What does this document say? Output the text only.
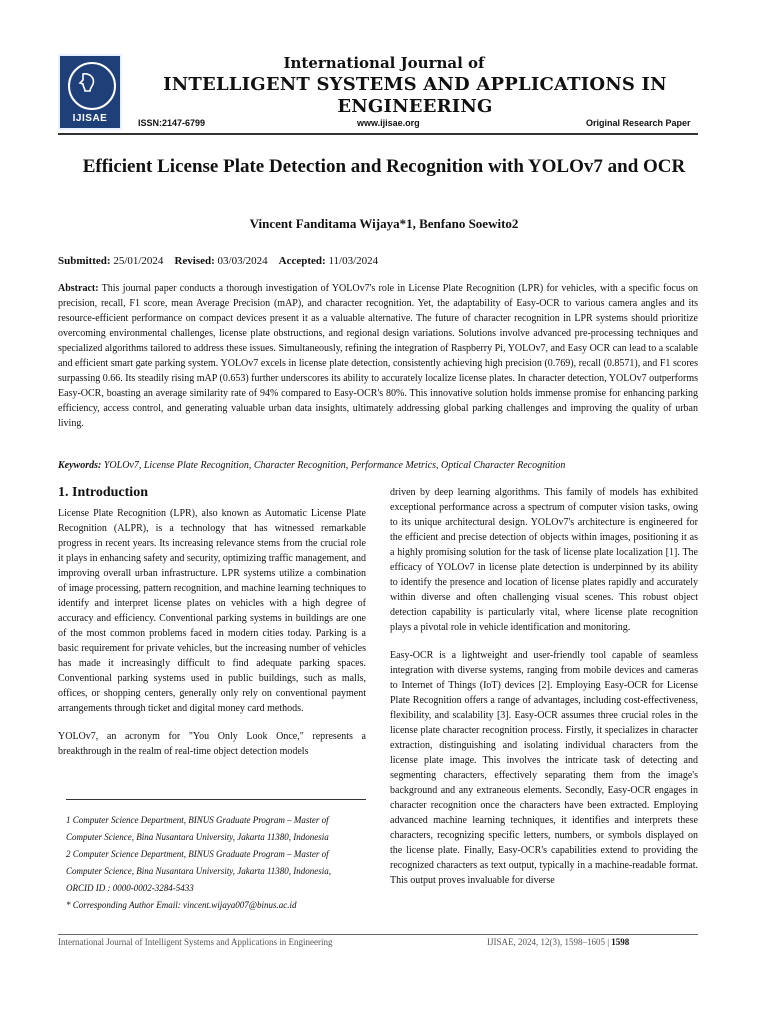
IJISAE
International Journal of
INTELLIGENT SYSTEMS AND APPLICATIONS IN ENGINEERING
ISSN:2147-6799	www.ijisae.org	Original Research Paper
Efficient License Plate Detection and Recognition with YOLOv7 and OCR
Vincent Fanditama Wijaya*1, Benfano Soewito2
Submitted: 25/01/2024 Revised: 03/03/2024 Accepted: 11/03/2024
Abstract: This journal paper conducts a thorough investigation of YOLOv7's role in License Plate Recognition (LPR) for vehicles, with a specific focus on precision, recall, F1 score, mean Average Precision (mAP), and character recognition. Yet, the adaptability of Easy-OCR to various camera angles and its resource-efficient performance on compact devices present it as a valuable alternative. The future of character recognition in LPR systems should prioritize overcoming environmental challenges, license plate obstructions, and regional design variations. Solutions involve advanced pre-processing techniques and specialized algorithms tailored to address these issues. Simultaneously, refining the integration of Raspberry Pi, YOLOv7, and Easy OCR can lead to a scalable and efficient smart gate parking system. YOLOv7 excels in license plate detection, consistently achieving high precision (0.769), recall (0.8571), and F1 scores surpassing 0.66. Its steadily rising mAP (0.653) further underscores its ability to accurately localize license plates. In character detection, YOLOv7 outperforms Easy-OCR, boasting an average similarity rate of 94% compared to Easy-OCR's 80%. This innovative solution holds immense promise for enhancing parking efficiency, access control, and generating valuable urban data insights, ultimately addressing global parking challenges and improving the quality of urban living.
Keywords: YOLOv7, License Plate Recognition, Character Recognition, Performance Metrics, Optical Character Recognition
1. Introduction

License Plate Recognition (LPR), also known as Automatic License Plate Recognition (ALPR), is a technology that has witnessed remarkable progress in recent years. Its increasing relevance stems from the crucial role it plays in enhancing safety and security, optimizing traffic management, and improving overall urban infrastructure. LPR systems utilize a combination of image processing, pattern recognition, and machine learning techniques to identify and interpret license plates on vehicles with a high degree of accuracy and efficiency. Conventional parking systems in buildings are one of the most common problems faced in modern cities today. Parking is a basic requirement for private vehicles, but the increasing number of vehicles has made it increasingly difficult to find adequate parking spaces. Conventional parking systems used in public buildings, such as malls, offices, or shopping centers, generally only rely on conventional payment arrangements through ticket and digital money card methods.

YOLOv7, an acronym for "You Only Look Once," represents a breakthrough in the realm of real-time object detection models

driven by deep learning algorithms. This family of models has exhibited exceptional performance across a spectrum of computer vision tasks, owing to its unique architectural design. YOLOv7's architecture is engineered for the efficient and precise detection of objects within images, positioning it as a highly promising solution for the task of license plate localization [1]. The efficacy of YOLOv7 in license plate detection is underpinned by its ability to identify the presence and location of license plates rapidly and accurately within diverse and often challenging visual scenes. This robust object detection capability is particularly vital, where license plate recognition plays a pivotal role in vehicle identification and monitoring.

Easy-OCR is a lightweight and user-friendly tool capable of seamless integration with diverse systems, ranging from mobile devices and cameras to Internet of Things (IoT) devices [2]. Employing Easy-OCR for License Plate Recognition offers a range of advantages, including cost-effectiveness, flexibility, and scalability [3]. Easy-OCR assumes three crucial roles in the license plate character recognition process. Firstly, it specializes in character extraction, distinguishing and isolating individual characters from the license plate image. This involves the intricate task of detecting and segmenting characters, effectively separating them from the image's background and any extraneous elements. Secondly, Easy-OCR engages in character recognition once the characters have been extracted. Employing advanced machine learning techniques, it identifies and interprets these characters, recognizing specific letters, numbers, or symbols displayed on the license plate. Finally, Easy-OCR's capabilities extend to providing the recognized characters as text output, typically in a machine-readable format. This output proves invaluable for diverse

1 Computer Science Department, BINUS Graduate Program – Master of Computer Science, Bina Nusantara University, Jakarta 11380, Indonesia
2 Computer Science Department, BINUS Graduate Program – Master of Computer Science, Bina Nusantara University, Jakarta 11380, Indonesia,
ORCID ID : 0000-0002-3284-5433
* Corresponding Author Email: vincent.wijaya007@binus.ac.id
International Journal of Intelligent Systems and Applications in Engineering	IJISAE, 2024, 12(3), 1598–1605 | 1598
